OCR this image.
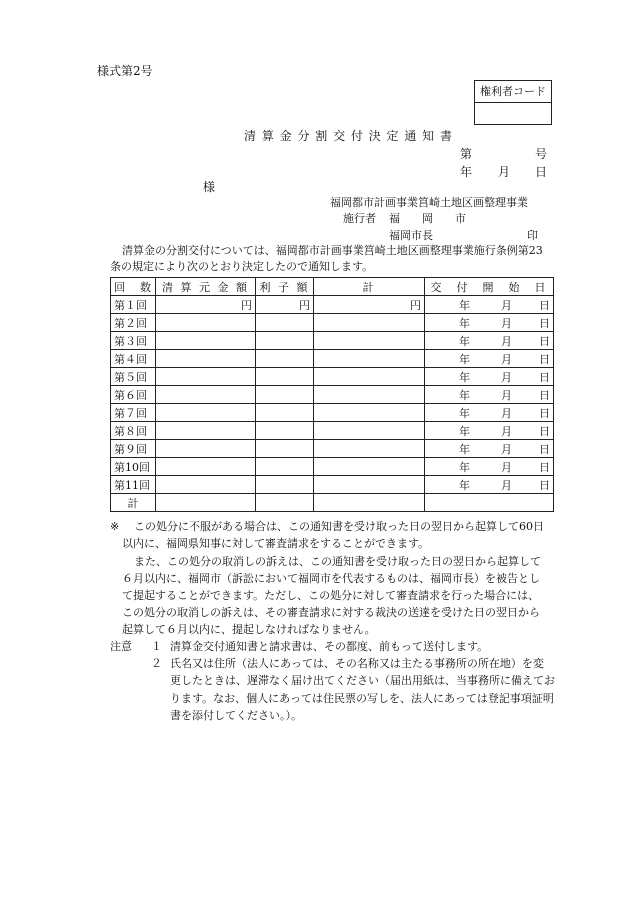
様式第2号
権利者コード
清 算 金 分 割 交 付 決 定 通 知 書
第	号
年 月 日
様
福岡都市計画事業筥崎土地区画整理事業
施行者 福　　岡　　市
福岡市長	印
清算金の分割交付については、福岡都市計画事業筥崎土地区画整理事業施行条例第23
条の規定により次のとおり決定したので通知します。
回　数	清 算 元 金 額	利 子 額	計	交　付　開　始　日
第１回	円	円	円	年 月 日

第２回				年 月 日

第３回				年 月 日

第４回				年 月 日

第５回				年 月 日

第６回				年 月 日

第７回				年 月 日

第８回				年 月 日

第９回				年 月 日

第10回				年 月 日

第11回				年 月 日

計				
※ この処分に不服がある場合は、この通知書を受け取った日の翌日から起算して60日
以内に、福岡県知事に対して審査請求をすることができます。
また、この処分の取消しの訴えは、この通知書を受け取った日の翌日から起算して
６月以内に、福岡市（訴訟において福岡市を代表するものは、福岡市長）を被告とし
て提起することができます。ただし、この処分に対して審査請求を行った場合には、
この処分の取消しの訴えは、その審査請求に対する裁決の送達を受けた日の翌日から
起算して６月以内に、提起しなければなりません。
注意 １ 清算金交付通知書と請求書は、その都度、前もって送付します。
２ 氏名又は住所（法人にあっては、その名称又は主たる事務所の所在地）を変
更したときは、遅滞なく届け出てください（届出用紙は、当事務所に備えてお
ります。なお、個人にあっては住民票の写しを、法人にあっては登記事項証明
書を添付してください。）。
